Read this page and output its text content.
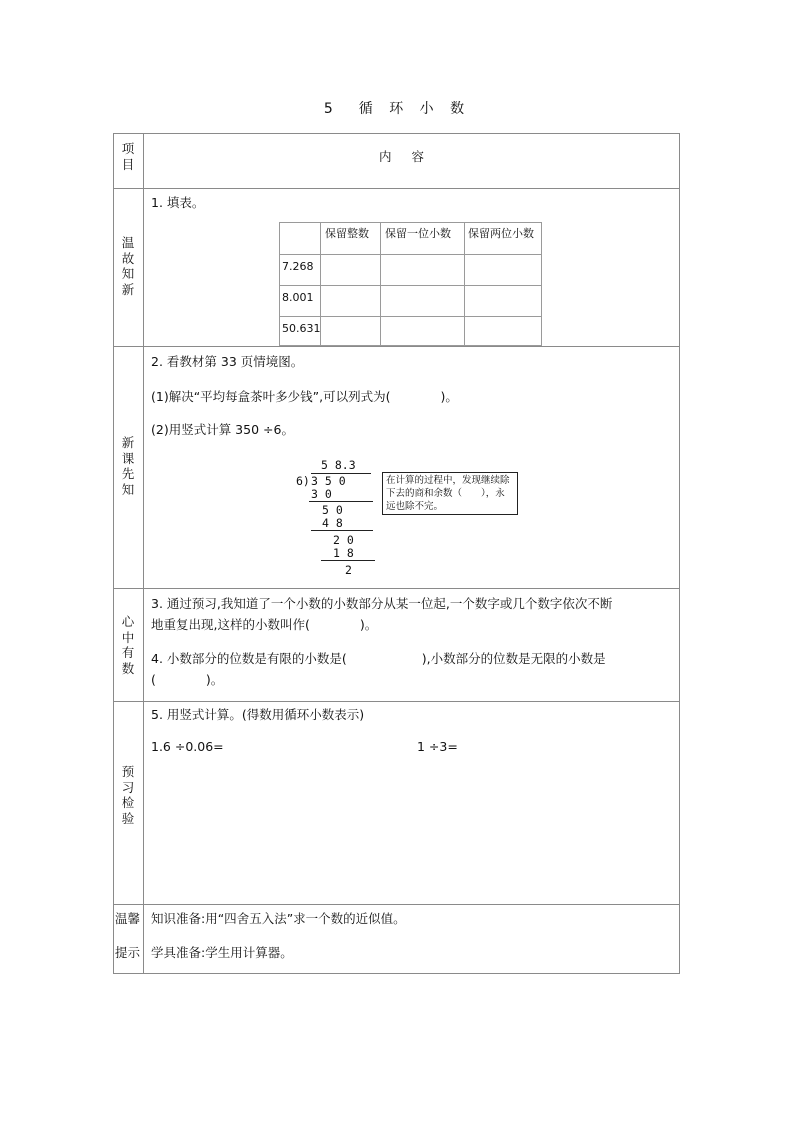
5　循 环 小 数
项目	内容
温故知新
1. 填表。
保留整数 保留一位小数 保留两位小数
7.268
8.001
50.631
新课先知
2. 看教材第 33 页情境图。
(1)解决“平均每盒茶叶多少钱”,可以列式为(　　　　)。
(2)用竖式计算 350 ÷6。
5 8.3
6) 3 5 0
3 0
5 0
4 8
2 0
1 8
2
在计算的过程中，发现继续除下去的商和余数（　　），永远也除不完。
心中有数
3. 通过预习,我知道了一个小数的小数部分从某一位起,一个数字或几个数字依次不断
地重复出现,这样的小数叫作(　　　　)。
4. 小数部分的位数是有限的小数是(　　　　　　),小数部分的位数是无限的小数是
(　　　　)。
预习检验
5. 用竖式计算。(得数用循环小数表示)
1.6 ÷0.06=	1 ÷3=
温馨
提示
知识准备:用“四舍五入法”求一个数的近似值。
学具准备:学生用计算器。
